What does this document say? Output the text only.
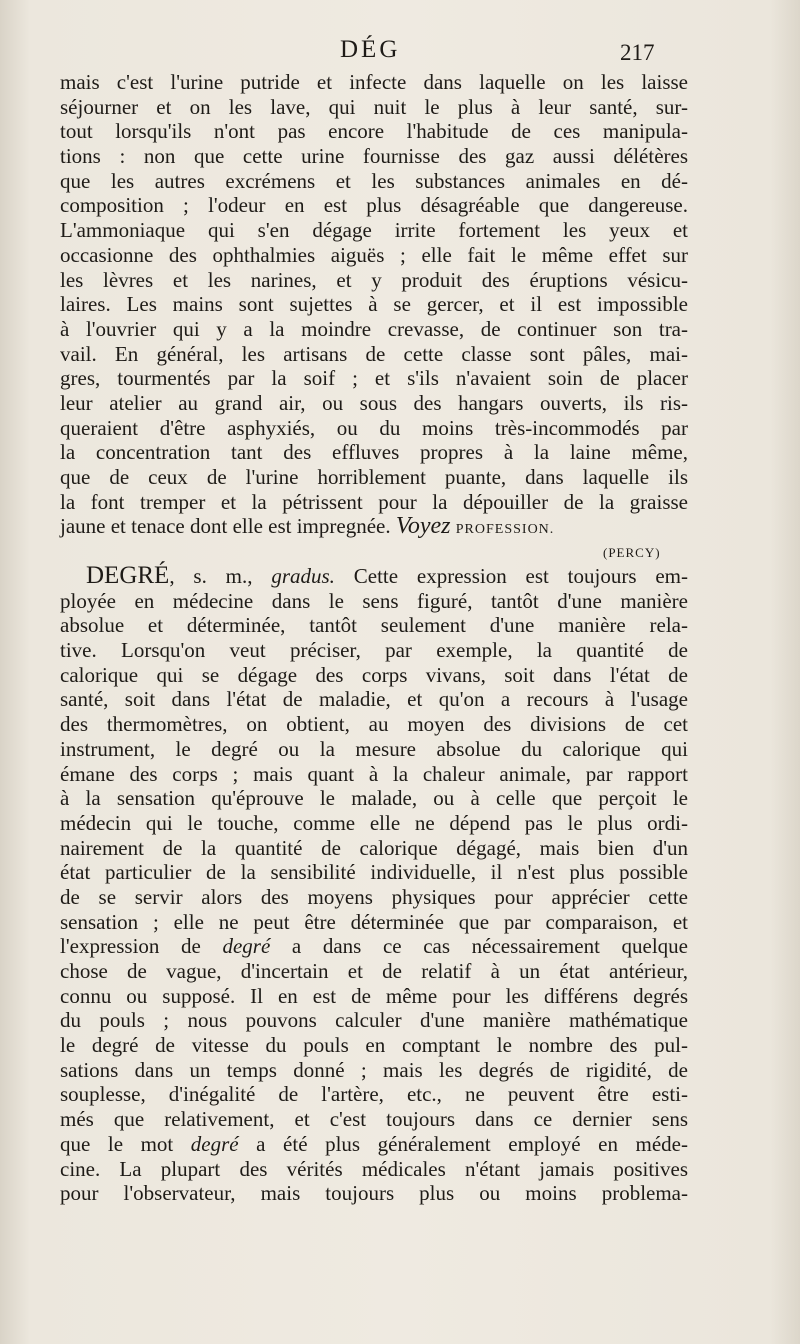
DÉG	217
mais c'est l'urine putride et infecte dans laquelle on les laisse
séjourner et on les lave, qui nuit le plus à leur santé, sur-
tout lorsqu'ils n'ont pas encore l'habitude de ces manipula-
tions : non que cette urine fournisse des gaz aussi délétères
que les autres excrémens et les substances animales en dé-
composition ; l'odeur en est plus désagréable que dangereuse.
L'ammoniaque qui s'en dégage irrite fortement les yeux et
occasionne des ophthalmies aiguës ; elle fait le même effet sur
les lèvres et les narines, et y produit des éruptions vésicu-
laires. Les mains sont sujettes à se gercer, et il est impossible
à l'ouvrier qui y a la moindre crevasse, de continuer son tra-
vail. En général, les artisans de cette classe sont pâles, mai-
gres, tourmentés par la soif ; et s'ils n'avaient soin de placer
leur atelier au grand air, ou sous des hangars ouverts, ils ris-
queraient d'être asphyxiés, ou du moins très-incommodés par
la concentration tant des effluves propres à la laine même,
que de ceux de l'urine horriblement puante, dans laquelle ils
la font tremper et la pétrissent pour la dépouiller de la graisse
jaune et tenace dont elle est impregnée. Voyez PROFESSION.
(PERCY)
DEGRÉ, s. m., gradus. Cette expression est toujours em-
ployée en médecine dans le sens figuré, tantôt d'une manière
absolue et déterminée, tantôt seulement d'une manière rela-
tive. Lorsqu'on veut préciser, par exemple, la quantité de
calorique qui se dégage des corps vivans, soit dans l'état de
santé, soit dans l'état de maladie, et qu'on a recours à l'usage
des thermomètres, on obtient, au moyen des divisions de cet
instrument, le degré ou la mesure absolue du calorique qui
émane des corps ; mais quant à la chaleur animale, par rapport
à la sensation qu'éprouve le malade, ou à celle que perçoit le
médecin qui le touche, comme elle ne dépend pas le plus ordi-
nairement de la quantité de calorique dégagé, mais bien d'un
état particulier de la sensibilité individuelle, il n'est plus possible
de se servir alors des moyens physiques pour apprécier cette
sensation ; elle ne peut être déterminée que par comparaison, et
l'expression de degré a dans ce cas nécessairement quelque
chose de vague, d'incertain et de relatif à un état antérieur,
connu ou supposé. Il en est de même pour les différens degrés
du pouls ; nous pouvons calculer d'une manière mathématique
le degré de vitesse du pouls en comptant le nombre des pul-
sations dans un temps donné ; mais les degrés de rigidité, de
souplesse, d'inégalité de l'artère, etc., ne peuvent être esti-
més que relativement, et c'est toujours dans ce dernier sens
que le mot degré a été plus généralement employé en méde-
cine. La plupart des vérités médicales n'étant jamais positives
pour l'observateur, mais toujours plus ou moins problema-
